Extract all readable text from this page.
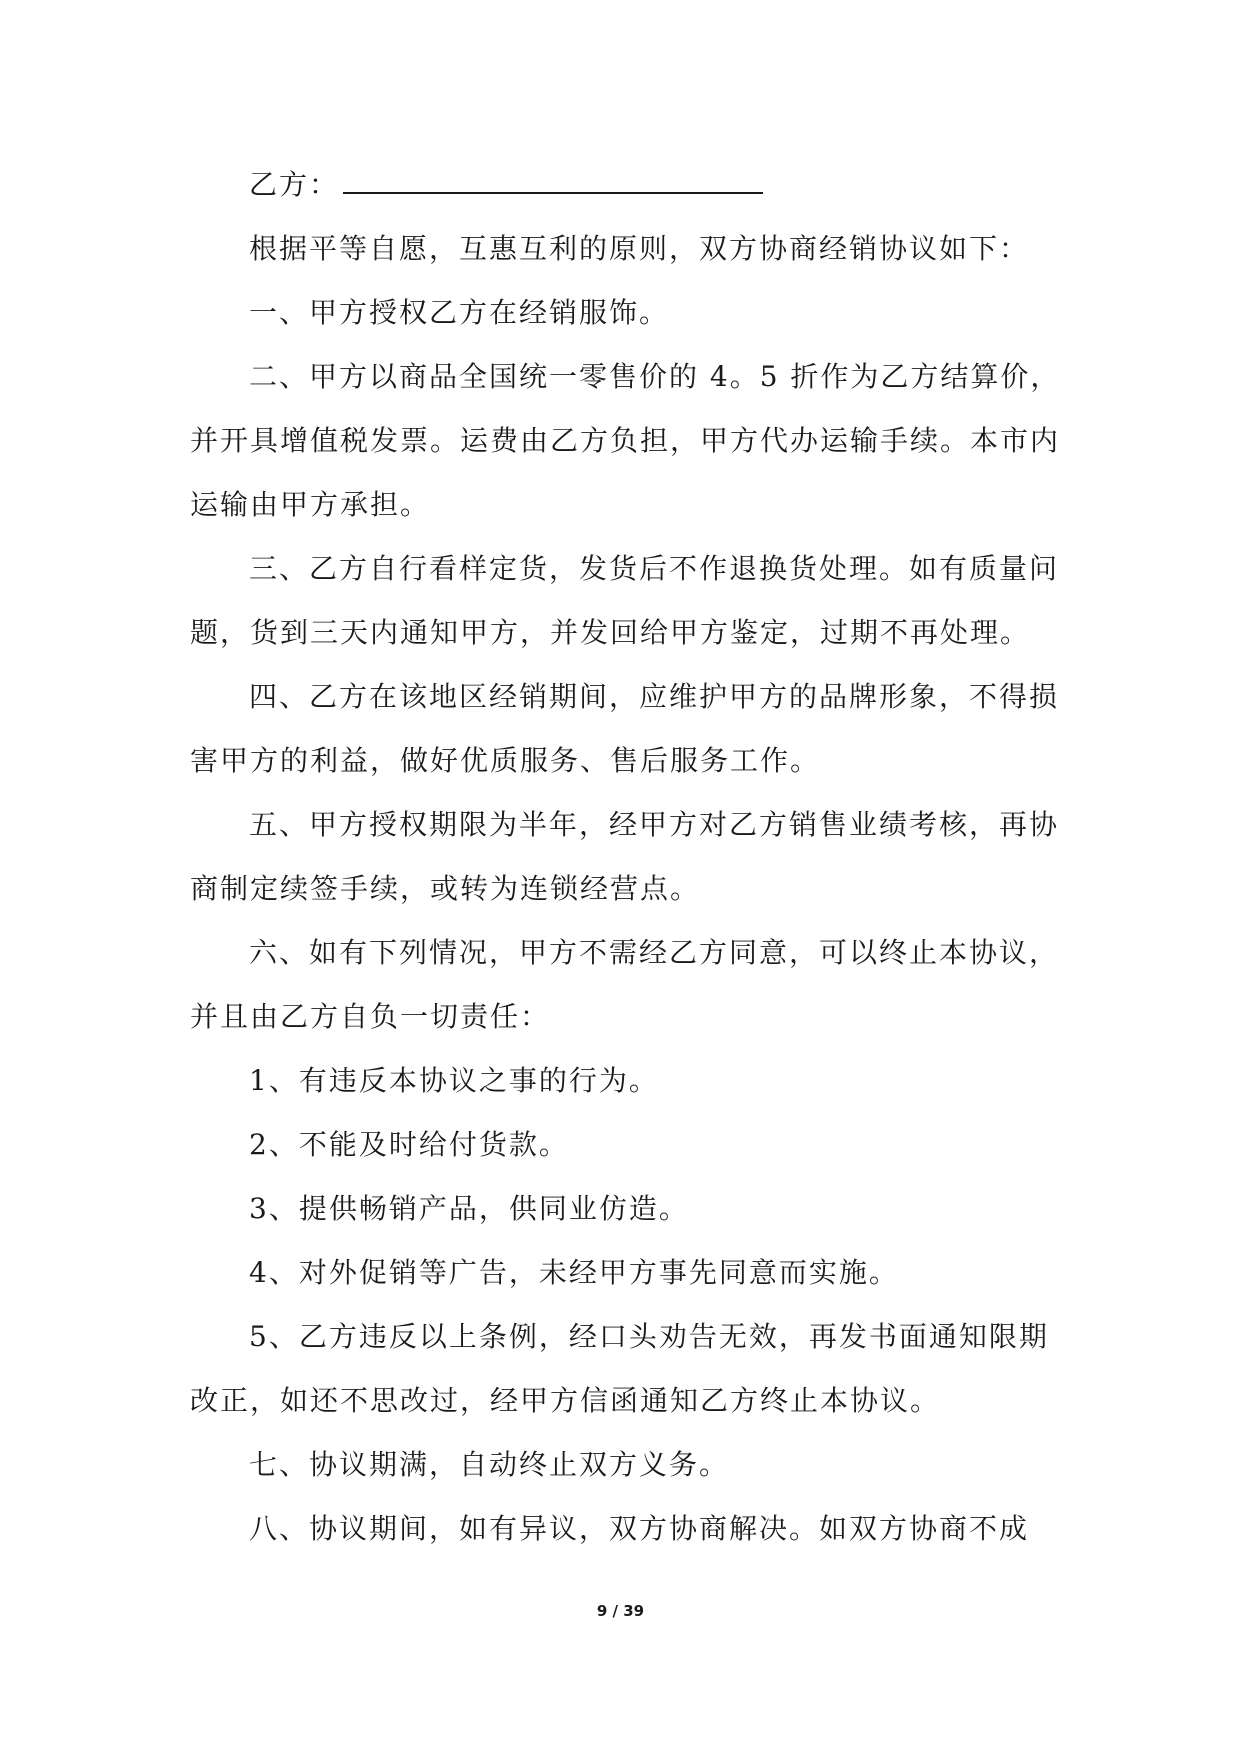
乙方：

根据平等自愿，互惠互利的原则，双方协商经销协议如下：

一、甲方授权乙方在经销服饰。

二、甲方以商品全国统一零售价的 4。5 折作为乙方结算价，并开具增值税发票。运费由乙方负担，甲方代办运输手续。本市内运输由甲方承担。

三、乙方自行看样定货，发货后不作退换货处理。如有质量问题，货到三天内通知甲方，并发回给甲方鉴定，过期不再处理。

四、乙方在该地区经销期间，应维护甲方的品牌形象，不得损害甲方的利益，做好优质服务、售后服务工作。

五、甲方授权期限为半年，经甲方对乙方销售业绩考核，再协商制定续签手续，或转为连锁经营点。

六、如有下列情况，甲方不需经乙方同意，可以终止本协议，并且由乙方自负一切责任：

1、有违反本协议之事的行为。

2、不能及时给付货款。

3、提供畅销产品，供同业仿造。

4、对外促销等广告，未经甲方事先同意而实施。

5、乙方违反以上条例，经口头劝告无效，再发书面通知限期改正，如还不思改过，经甲方信函通知乙方终止本协议。

七、协议期满，自动终止双方义务。

八、协议期间，如有异议，双方协商解决。如双方协商不成

9 / 39
